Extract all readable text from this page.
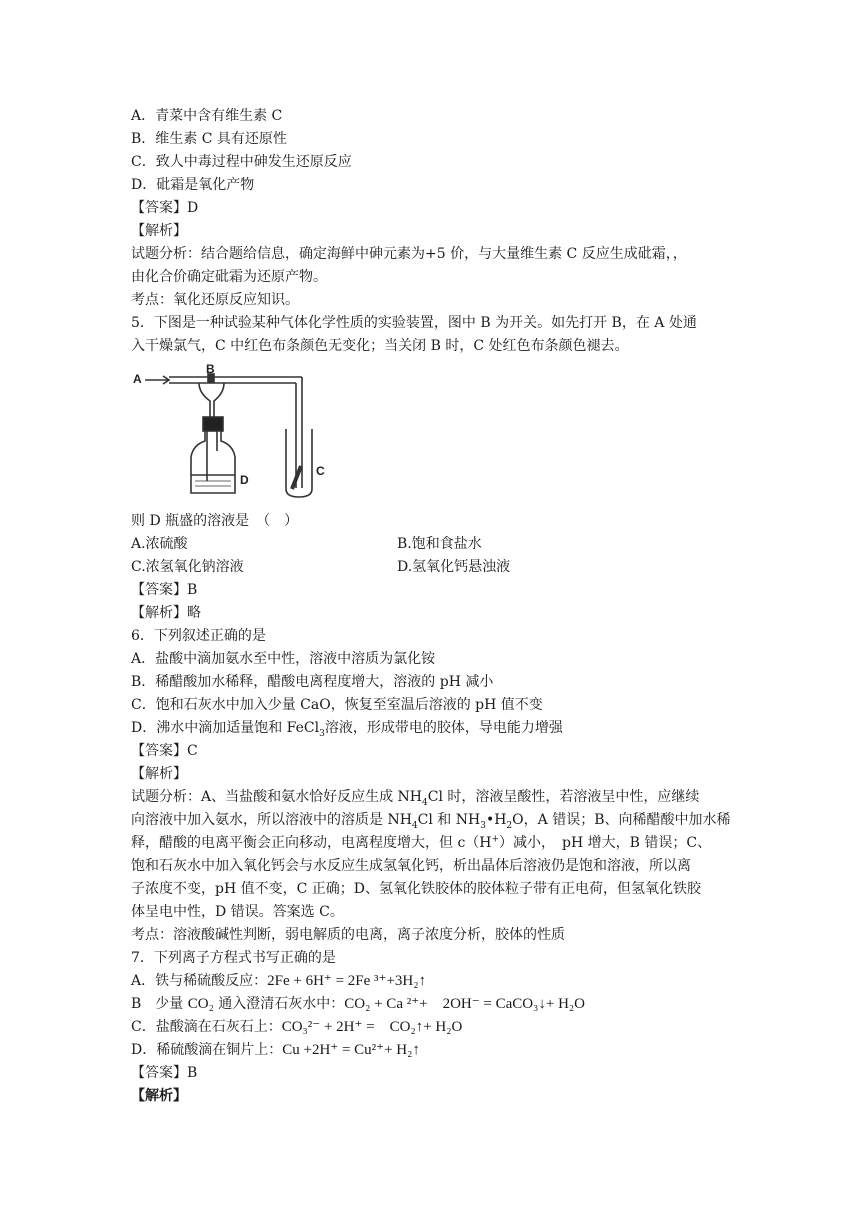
A．青菜中含有维生素 C
B．维生素 C 具有还原性
C．致人中毒过程中砷发生还原反应
D．砒霜是氧化产物
【答案】D
【解析】
试题分析：结合题给信息，确定海鲜中砷元素为+5 价，与大量维生素 C 反应生成砒霜，，
由化合价确定砒霜为还原产物。
考点：氧化还原反应知识。
5．下图是一种试验某种气体化学性质的实验装置，图中 B 为开关。如先打开 B，在 A 处通
入干燥氯气，C 中红色布条颜色无变化；当关闭 B 时，C 处红色布条颜色褪去。
A
B
C
D
则 D 瓶盛的溶液是　（　）
A.浓硫酸	B.饱和食盐水
C.浓氢氧化钠溶液	D.氢氧化钙悬浊液
【答案】B
【解析】略
6．下列叙述正确的是
A．盐酸中滴加氨水至中性，溶液中溶质为氯化铵
B．稀醋酸加水稀释，醋酸电离程度增大，溶液的 pH 减小
C．饱和石灰水中加入少量 CaO，恢复至室温后溶液的 pH 值不变
D．沸水中滴加适量饱和 FeCl$_3$溶液，形成带电的胶体，导电能力增强
【答案】C
【解析】
试题分析：A、当盐酸和氨水恰好反应生成 $NH_4Cl$ 时，溶液呈酸性，若溶液呈中性，应继续
向溶液中加入氨水，所以溶液中的溶质是 $NH_4Cl$ 和 $NH_3•H_2O$，A 错误；B、向稀醋酸中加水稀
释，醋酸的电离平衡会正向移动，电离程度增大，但 c（H+）减小，　pH 增大，B 错误；C、
饱和石灰水中加入氧化钙会与水反应生成氢氧化钙，析出晶体后溶液仍是饱和溶液，所以离
子浓度不变，pH 值不变，C 正确；D、氢氧化铁胶体的胶体粒子带有正电荷，但氢氧化铁胶
体呈电中性，D 错误。答案选 C。
考点：溶液酸碱性判断，弱电解质的电离，离子浓度分析，胶体的性质
7．下列离子方程式书写正确的是
A．铁与稀硫酸反应：2Fe + 6H⁺ = 2Fe ³⁺+3H₂↑
B　少量 CO₂ 通入澄清石灰水中：CO₂ + Ca ²⁺+　2OH⁻ = CaCO₃↓+ H₂O
C．盐酸滴在石灰石上：CO₃²⁻ + 2H⁺ =　CO₂↑+ H₂O
D．稀硫酸滴在铜片上：Cu +2H⁺ = Cu²⁺+ H₂↑
【答案】B
【解析】
